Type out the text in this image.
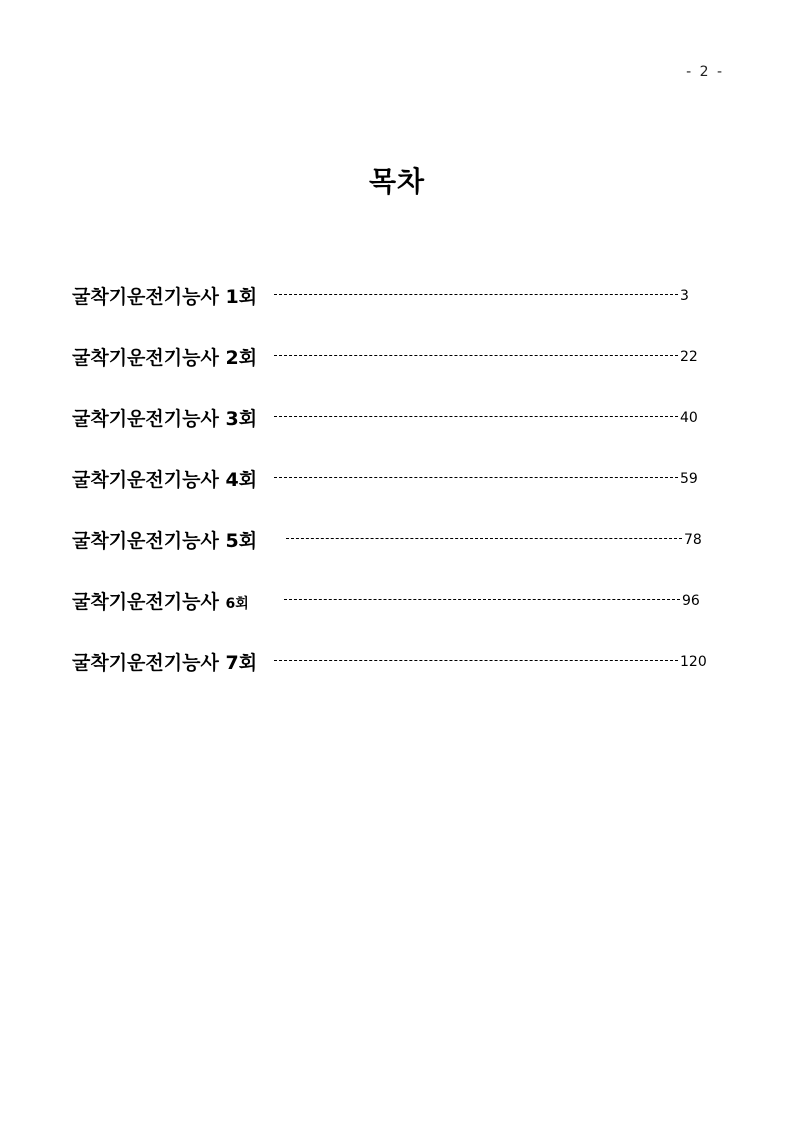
- 2 -
목차
굴착기운전기능사 1회	3
굴착기운전기능사 2회	22
굴착기운전기능사 3회	40
굴착기운전기능사 4회	59
굴착기운전기능사 5회	78
굴착기운전기능사 6회	96
굴착기운전기능사 7회	120
